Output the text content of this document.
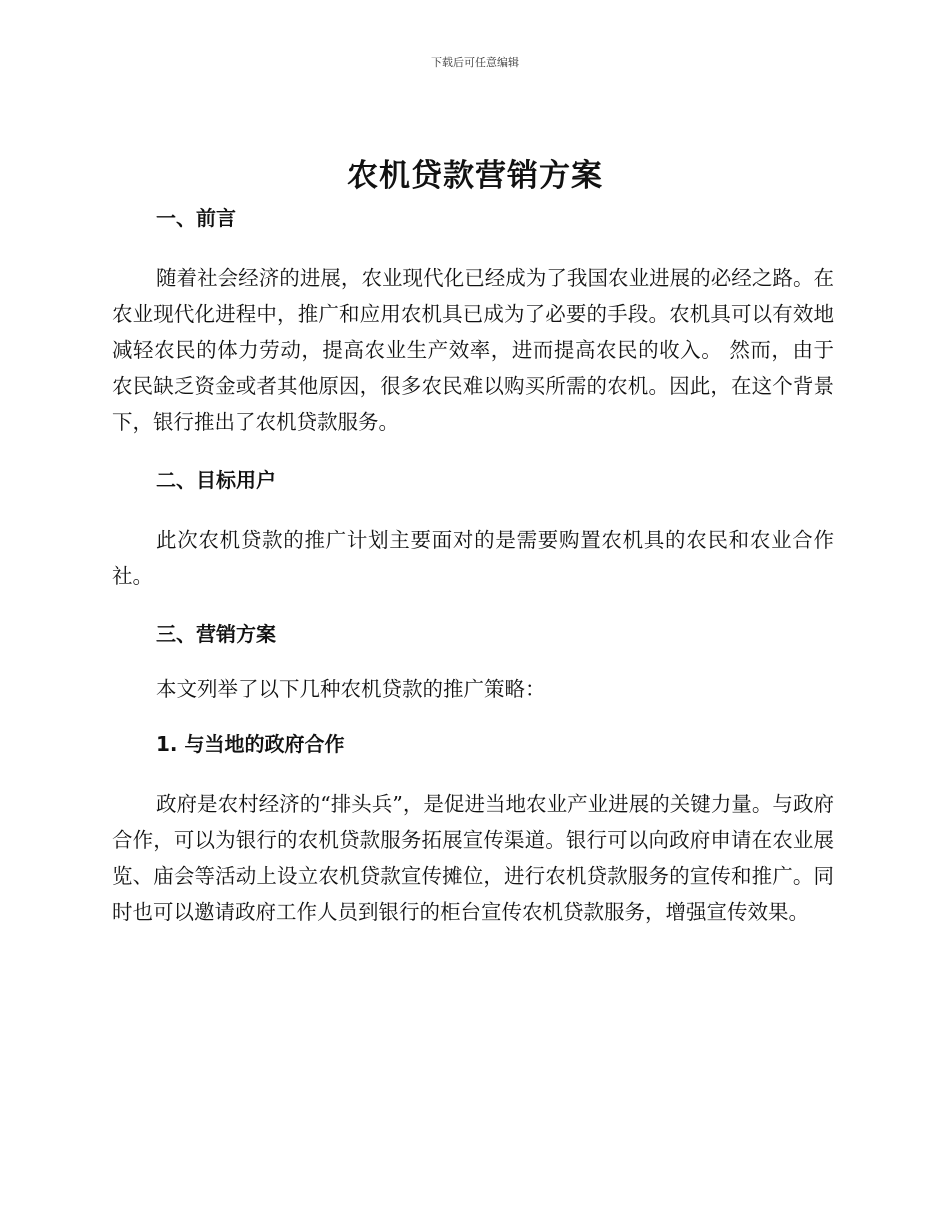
下载后可任意编辑
农机贷款营销方案
一、前言

随着社会经济的进展，农业现代化已经成为了我国农业进展的必经之路。在农业现代化进程中，推广和应用农机具已成为了必要的手段。农机具可以有效地减轻农民的体力劳动，提高农业生产效率，进而提高农民的收入。 然而，由于农民缺乏资金或者其他原因，很多农民难以购买所需的农机。因此，在这个背景下，银行推出了农机贷款服务。

二、目标用户

此次农机贷款的推广计划主要面对的是需要购置农机具的农民和农业合作社。

三、营销方案

本文列举了以下几种农机贷款的推广策略：

1. 与当地的政府合作

政府是农村经济的“排头兵”，是促进当地农业产业进展的关键力量。与政府合作，可以为银行的农机贷款服务拓展宣传渠道。银行可以向政府申请在农业展览、庙会等活动上设立农机贷款宣传摊位，进行农机贷款服务的宣传和推广。同时也可以邀请政府工作人员到银行的柜台宣传农机贷款服务，增强宣传效果。
